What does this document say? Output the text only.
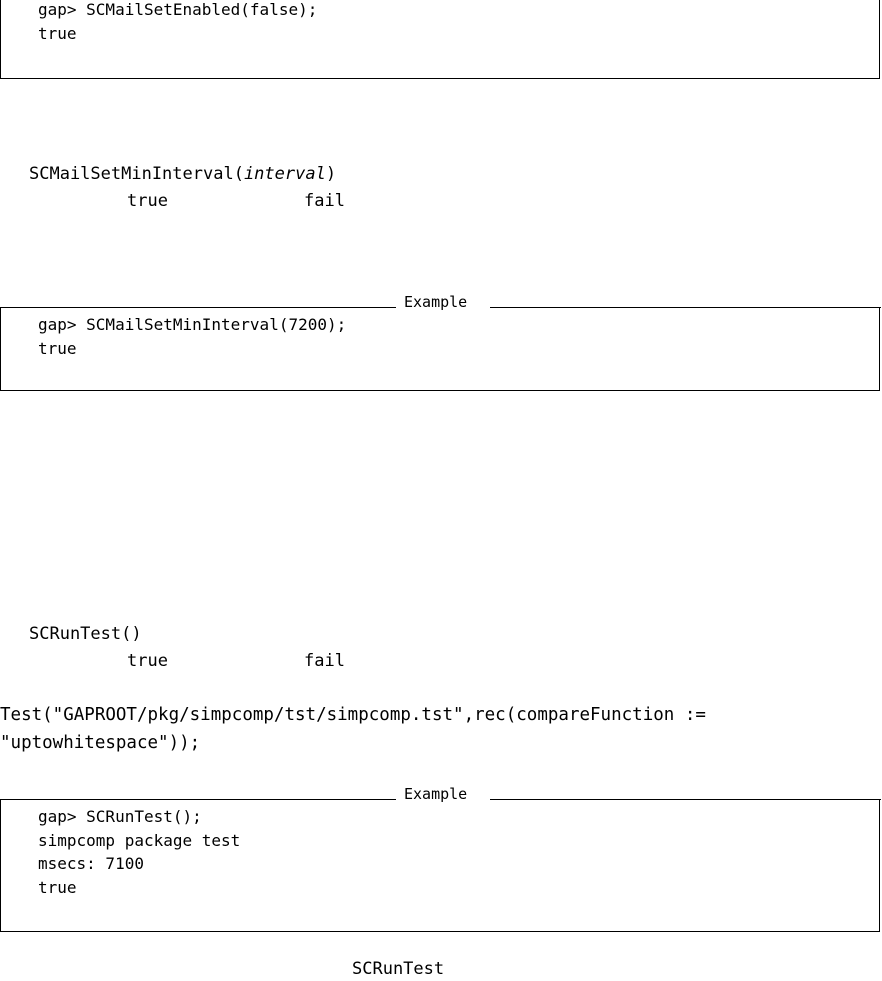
gap> SCMailSetEnabled(false);
true
SCMailSetMinInterval(interval)
true	fail
Example
gap> SCMailSetMinInterval(7200);
true
SCRunTest()
true	fail
Test("GAPROOT/pkg/simpcomp/tst/simpcomp.tst",rec(compareFunction :=
"uptowhitespace"));
Example
gap> SCRunTest();
simpcomp package test
msecs: 7100
true
SCRunTest
